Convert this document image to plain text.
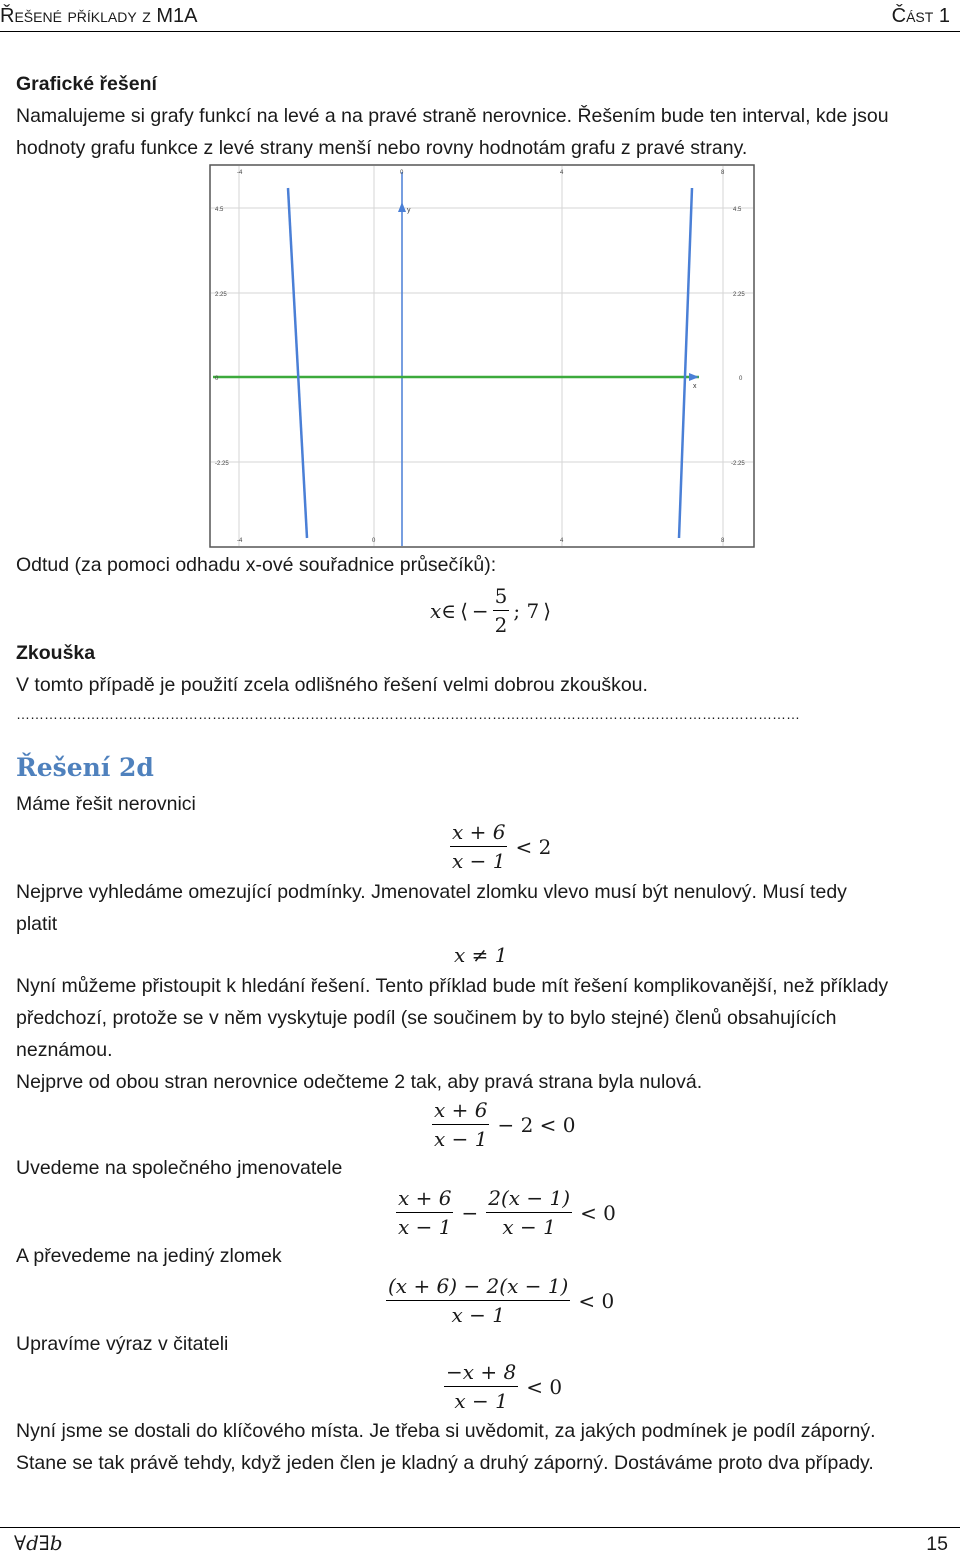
Řešené příklady z M1A	Část 1
Grafické řešení
Namalujeme si grafy funkcí na levé a na pravé straně nerovnice. Řešením bude ten interval, kde jsou
hodnoty grafu funkce z levé strany menší nebo rovny hodnotám grafu z pravé strany.
y
x
-4	0	4	8
-4	0	4	8
4.5
2.25
0
-2.25
4.5
2.25
0
-2.25
Odtud (za pomoci odhadu x-ové souřadnice průsečíků):
x∈ ⟨ − $\frac{5}{2}$ ; 7 ⟩
Zkouška
V tomto případě je použití zcela odlišného řešení velmi dobrou zkouškou.
……………………………………………………………………………………………………………………………………………………
Řešení 2d
Máme řešit nerovnici
$\frac{x + 6}{x - 1} < 2$
Nejprve vyhledáme omezující podmínky. Jmenovatel zlomku vlevo musí být nenulový. Musí tedy
platit
x ≠ 1
Nyní můžeme přistoupit k hledání řešení. Tento příklad bude mít řešení komplikovanější, než příklady
předchozí, protože se v něm vyskytuje podíl (se součinem by to bylo stejné) členů obsahujících
neznámou.
Nejprve od obou stran nerovnice odečteme 2 tak, aby pravá strana byla nulová.
$\frac{x + 6}{x - 1} - 2 < 0$
Uvedeme na společného jmenovatele
$\frac{x + 6}{x - 1} - \frac{2(x - 1)}{x - 1} < 0$
A převedeme na jediný zlomek
$\frac{(x + 6) - 2(x - 1)}{x - 1} < 0$
Upravíme výraz v čitateli
$\frac{-x + 8}{x - 1} < 0$
Nyní jsme se dostali do klíčového místa. Je třeba si uvědomit, za jakých podmínek je podíl záporný.
Stane se tak právě tehdy, když jeden člen je kladný a druhý záporný. Dostáváme proto dva případy.
∀d∃b	15
